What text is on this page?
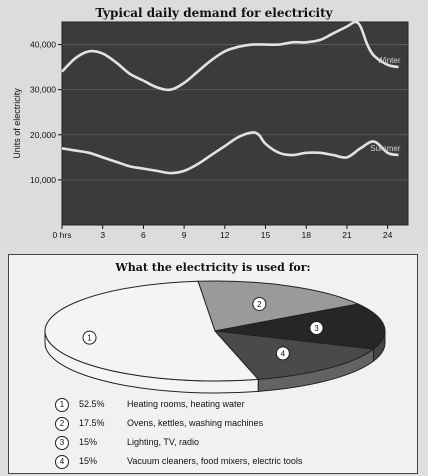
Typical daily demand for electricity
10,000
20,000
30,000
40,000
0 hrs	3	6	9	12	15	18	21	24
Units of electricity
Winter
Summer
What the electricity is used for:
2
3
4
1
1	52.5% Heating rooms, heating water
2	17.5% Ovens, kettles, washing machines
3	15%	Lighting, TV, radio
4	15%	Vacuum cleaners, food mixers, electric tools
